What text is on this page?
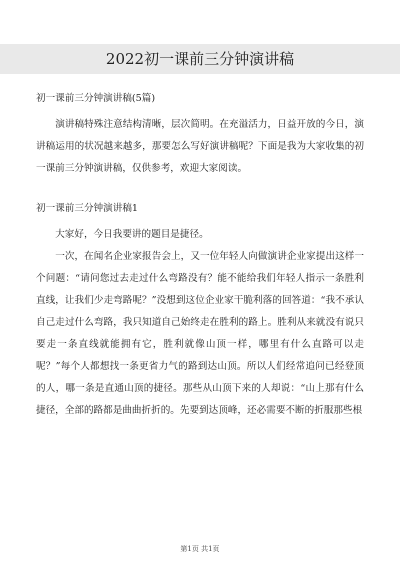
2022初一课前三分钟演讲稿

初一课前三分钟演讲稿(5篇)

演讲稿特殊注意结构清晰，层次简明。在充溢活力，日益开放的今日，演讲稿运用的状况越来越多，那要怎么写好演讲稿呢？下面是我为大家收集的初一课前三分钟演讲稿，仅供参考，欢迎大家阅读。

初一课前三分钟演讲稿1

大家好，今日我要讲的题目是捷径。

一次，在闻名企业家报告会上，又一位年轻人向做演讲企业家提出这样一个问题：“请问您过去走过什么弯路没有？能不能给我们年轻人指示一条胜利直线，让我们少走弯路呢？”没想到这位企业家干脆利落的回答道：“我不承认自己走过什么弯路，我只知道自己始终走在胜利的路上。胜利从来就没有说只要走一条直线就能拥有它，胜利就像山顶一样，哪里有什么直路可以走呢？”每个人都想找一条更省力气的路到达山顶。所以人们经常追问已经登顶的人，哪一条是直通山顶的捷径。那些从山顶下来的人却说：“山上那有什么捷径，全部的路都是曲曲折折的。先要到达顶峰，还必需要不断的折服那些根

第1页 共1页
